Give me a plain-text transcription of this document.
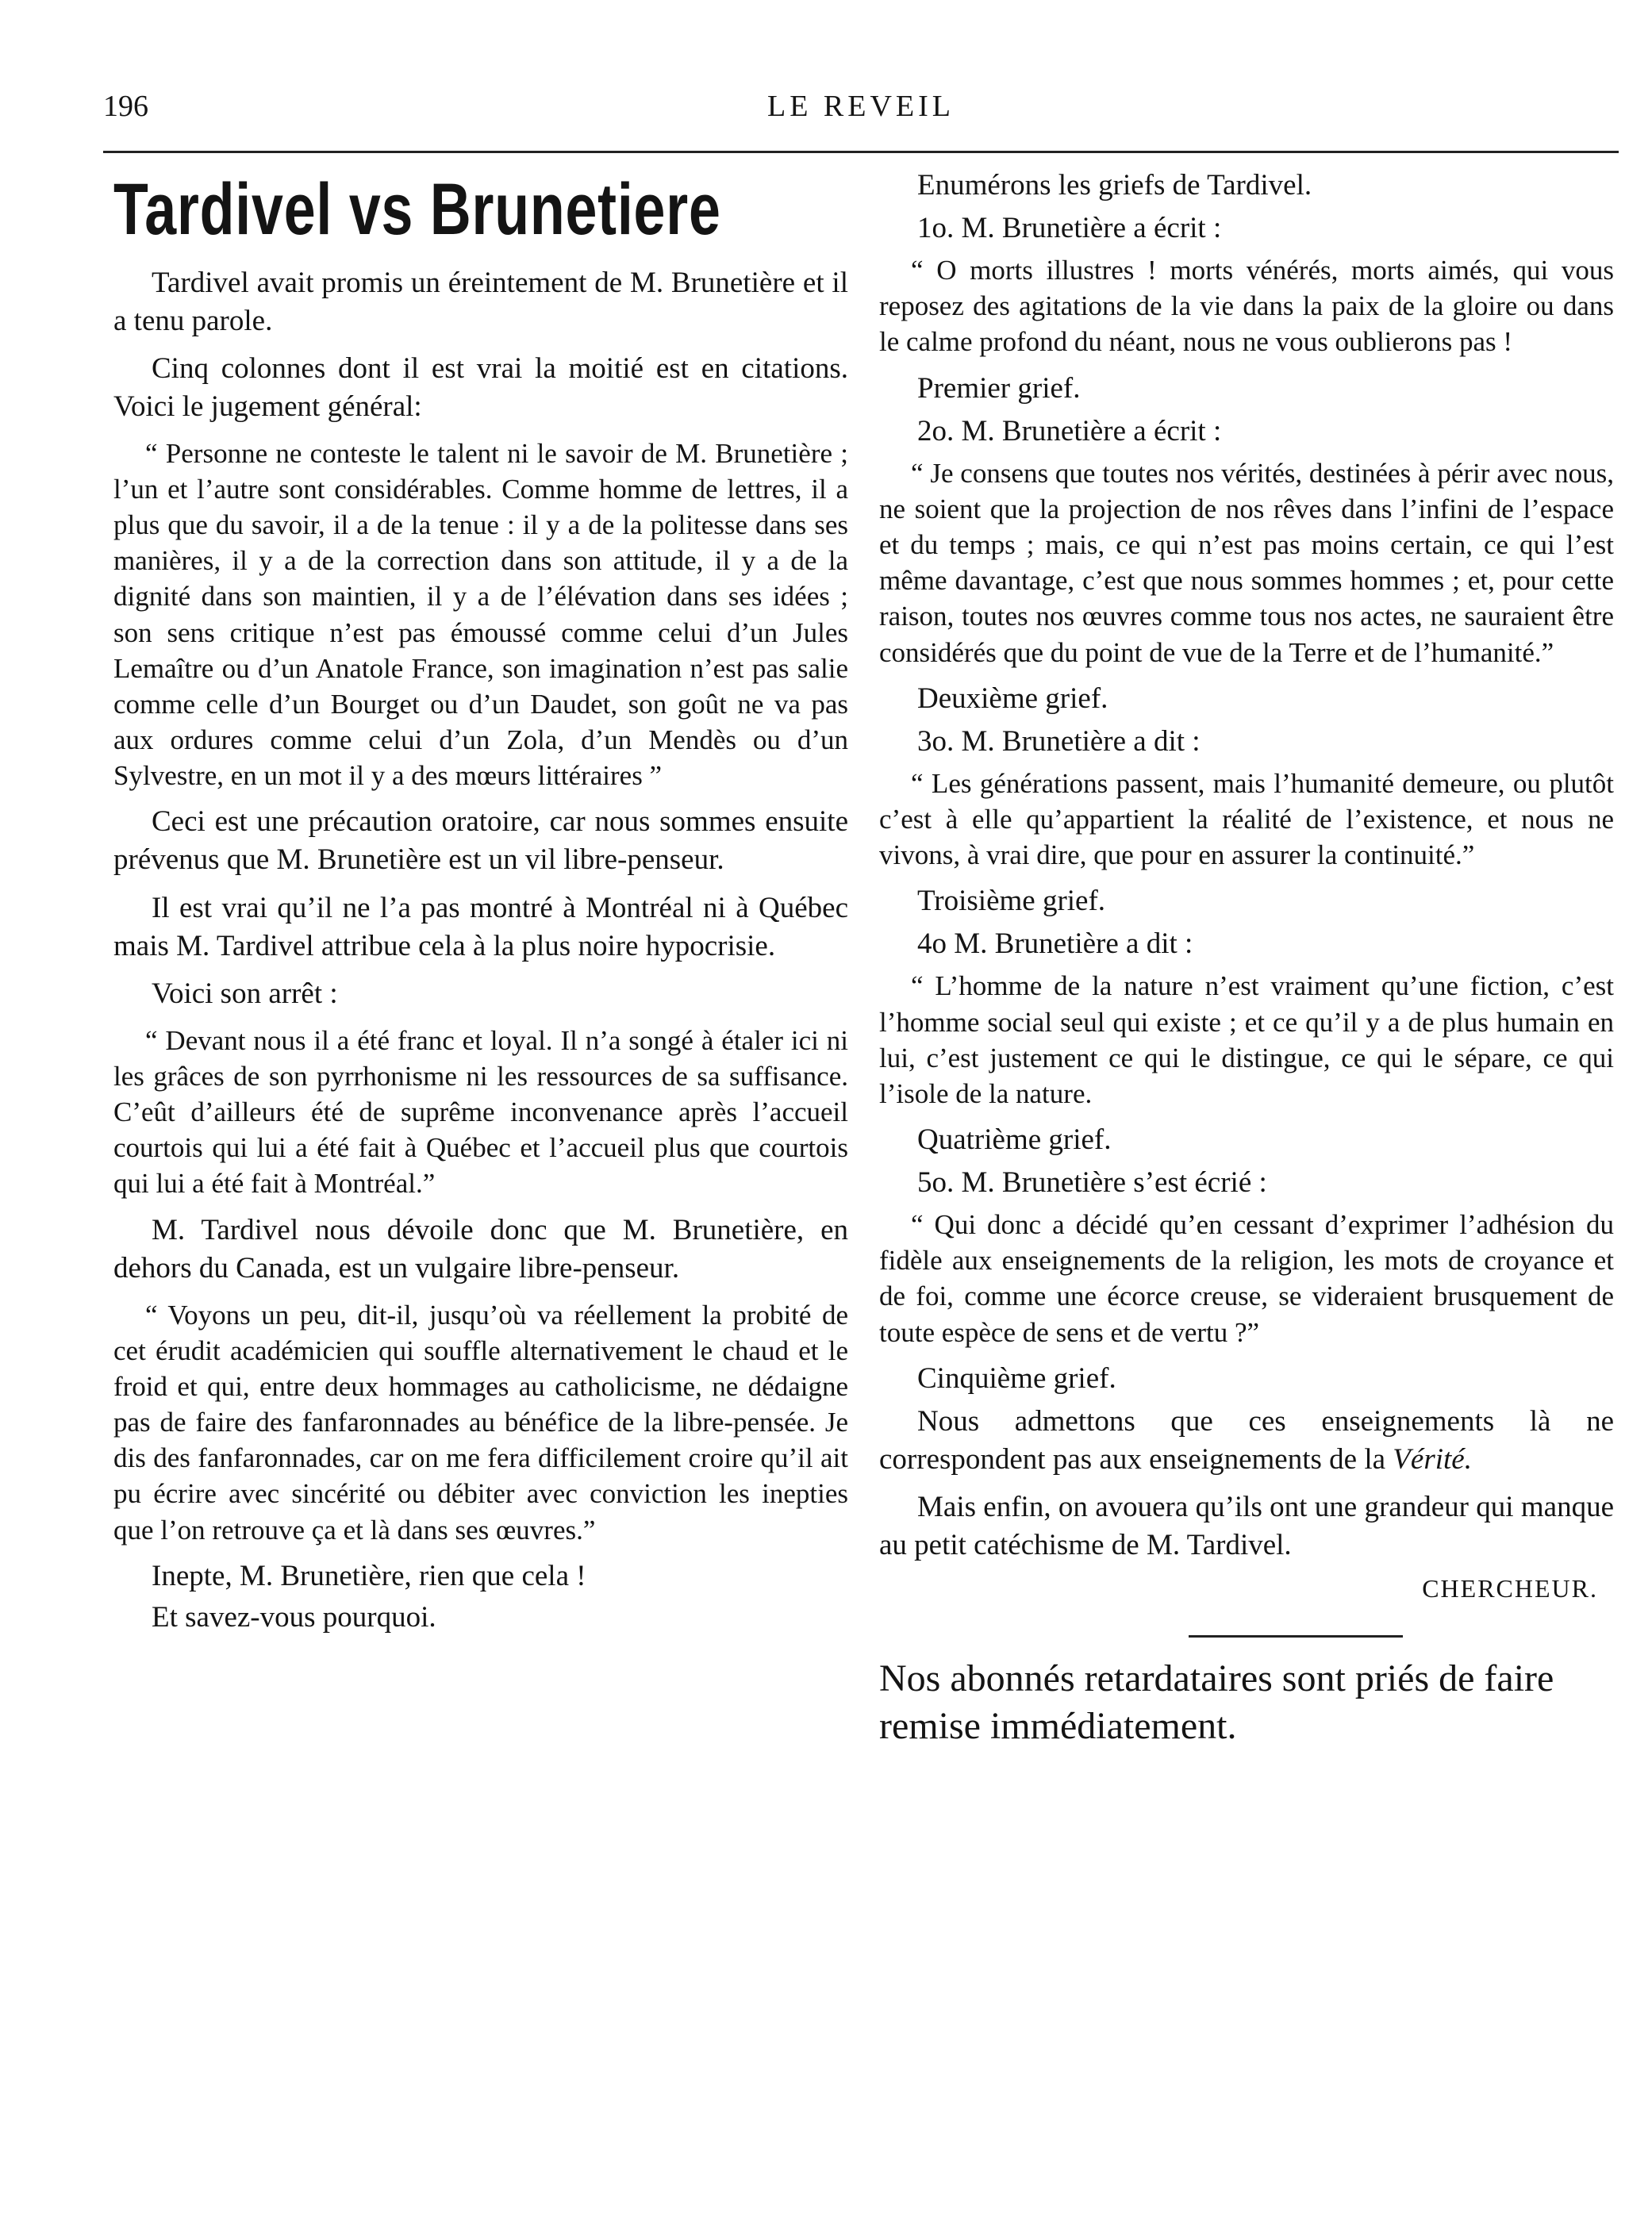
196	LE REVEIL
Tardivel vs Brunetiere

Tardivel avait promis un éreintement de M. Brunetière et il a tenu parole.

Cinq colonnes dont il est vrai la moitié est en citations. Voici le jugement général:

“ Personne ne conteste le talent ni le savoir de M. Brunetière ; l’un et l’autre sont considérables. Comme homme de lettres, il a plus que du savoir, il a de la tenue : il y a de la politesse dans ses manières, il y a de la correction dans son attitude, il y a de la dignité dans son maintien, il y a de l’élévation dans ses idées ; son sens critique n’est pas émoussé comme celui d’un Jules Lemaître ou d’un Anatole France, son imagination n’est pas salie comme celle d’un Bourget ou d’un Daudet, son goût ne va pas aux ordures comme celui d’un Zola, d’un Mendès ou d’un Sylvestre, en un mot il y a des mœurs littéraires ”

Ceci est une précaution oratoire, car nous sommes ensuite prévenus que M. Brunetière est un vil libre-penseur.

Il est vrai qu’il ne l’a pas montré à Montréal ni à Québec mais M. Tardivel attribue cela à la plus noire hypocrisie.

Voici son arrêt :

“ Devant nous il a été franc et loyal. Il n’a songé à étaler ici ni les grâces de son pyrrhonisme ni les ressources de sa suffisance. C’eût d’ailleurs été de suprême inconvenance après l’accueil courtois qui lui a été fait à Québec et l’accueil plus que courtois qui lui a été fait à Montréal.”

M. Tardivel nous dévoile donc que M. Brunetière, en dehors du Canada, est un vulgaire libre-penseur.

“ Voyons un peu, dit-il, jusqu’où va réellement la probité de cet érudit académicien qui souffle alternativement le chaud et le froid et qui, entre deux hommages au catholicisme, ne dédaigne pas de faire des fanfaronnades au bénéfice de la libre-pensée. Je dis des fanfaronnades, car on me fera difficilement croire qu’il ait pu écrire avec sincérité ou débiter avec conviction les inepties que l’on retrouve ça et là dans ses œuvres.”

Inepte, M. Brunetière, rien que cela !

Et savez-vous pourquoi.

Enumérons les griefs de Tardivel.

1o. M. Brunetière a écrit :

“ O morts illustres ! morts vénérés, morts aimés, qui vous reposez des agitations de la vie dans la paix de la gloire ou dans le calme profond du néant, nous ne vous oublierons pas !

Premier grief.

2o. M. Brunetière a écrit :

“ Je consens que toutes nos vérités, destinées à périr avec nous, ne soient que la projection de nos rêves dans l’infini de l’espace et du temps ; mais, ce qui n’est pas moins certain, ce qui l’est même davantage, c’est que nous sommes hommes ; et, pour cette raison, toutes nos œuvres comme tous nos actes, ne sauraient être considérés que du point de vue de la Terre et de l’humanité.”

Deuxième grief.

3o. M. Brunetière a dit :

“ Les générations passent, mais l’humanité demeure, ou plutôt c’est à elle qu’appartient la réalité de l’existence, et nous ne vivons, à vrai dire, que pour en assurer la continuité.”

Troisième grief.

4o M. Brunetière a dit :

“ L’homme de la nature n’est vraiment qu’une fiction, c’est l’homme social seul qui existe ; et ce qu’il y a de plus humain en lui, c’est justement ce qui le distingue, ce qui le sépare, ce qui l’isole de la nature.

Quatrième grief.

5o. M. Brunetière s’est écrié :

“ Qui donc a décidé qu’en cessant d’exprimer l’adhésion du fidèle aux enseignements de la religion, les mots de croyance et de foi, comme une écorce creuse, se videraient brusquement de toute espèce de sens et de vertu ?”

Cinquième grief.

Nous admettons que ces enseignements là ne correspondent pas aux enseignements de la Vérité.

Mais enfin, on avouera qu’ils ont une grandeur qui manque au petit catéchisme de M. Tardivel.

CHERCHEUR.

Nos abonnés retardataires sont priés de faire remise immédiatement.
